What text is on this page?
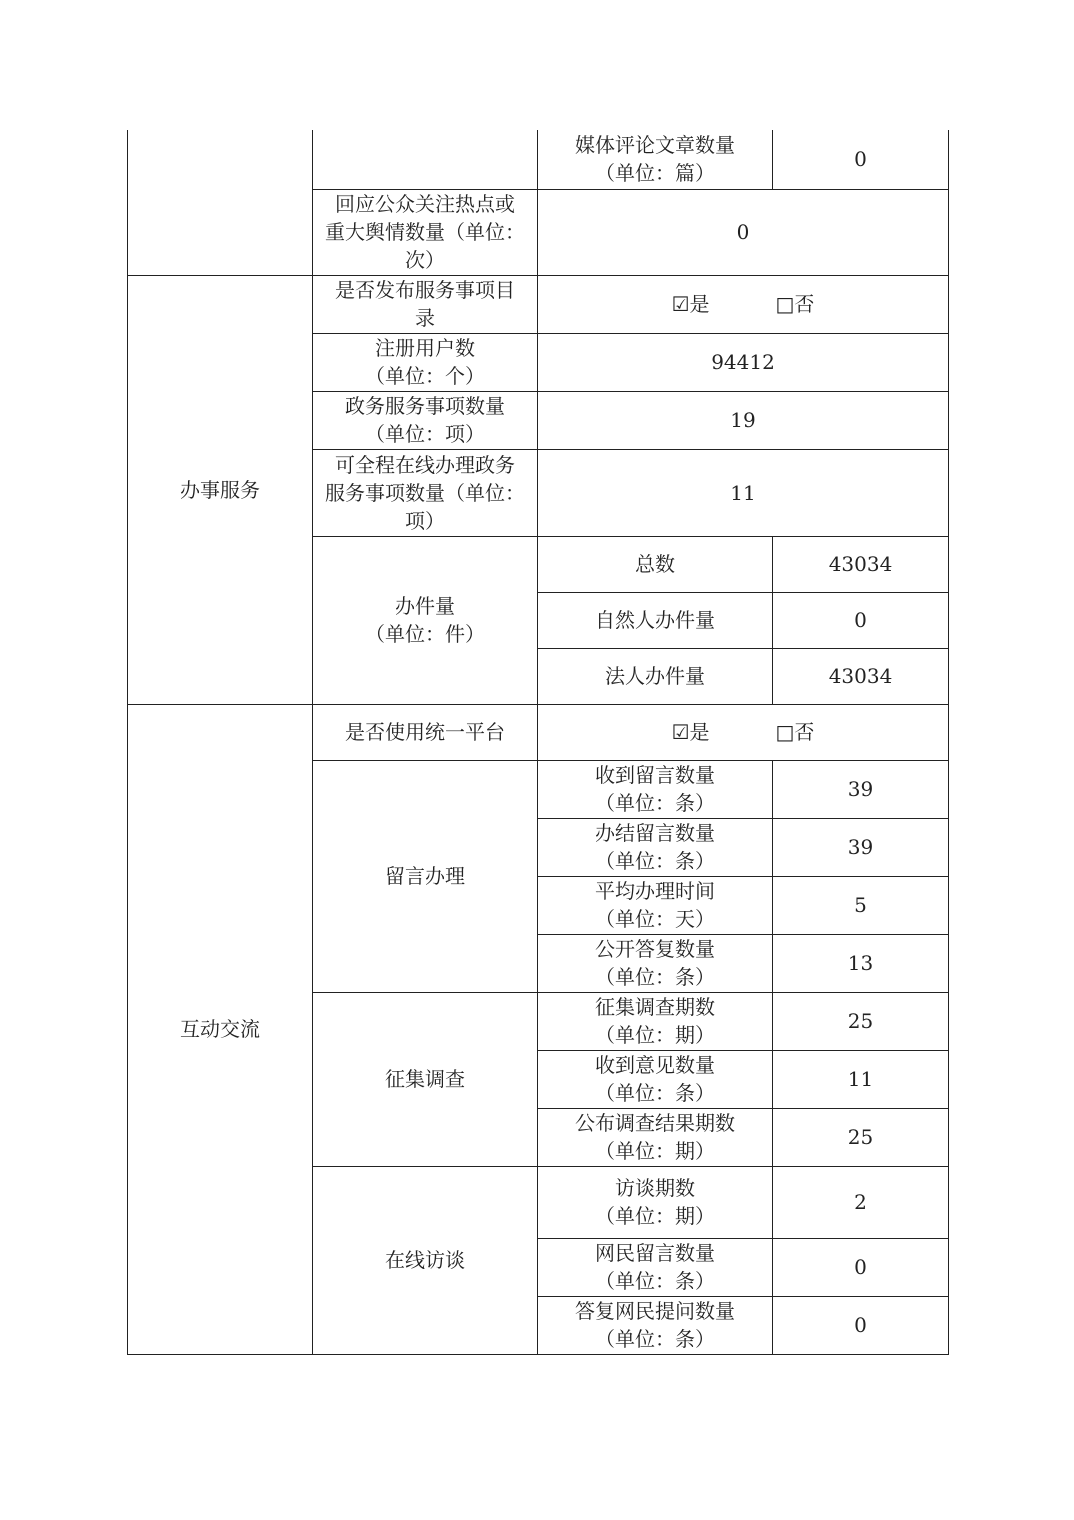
		媒体评论文章数量
（单位：篇）	0

	回应公众关注热点或
重大舆情数量（单位：
次）	0	
办事服务	是否发布服务事项目
录	☑是 □否	

	注册用户数
（单位：个）	94412	

	政务服务事项数量
（单位：项）	19	

	可全程在线办理政务
服务事项数量（单位：
项）	11	

	办件量
（单位：件）	总数	43034
		自然人办件量	0
		法人办件量	43034
互动交流	是否使用统一平台	☑是 □否	
	留言办理	收到留言数量
（单位：条）	39

		办结留言数量
（单位：条）	39

		平均办理时间
（单位：天）	5

		公开答复数量
（单位：条）	13
	征集调查	征集调查期数
（单位：期）	25

		收到意见数量
（单位：条）	11

		公布调查结果期数
（单位：期）	25
	在线访谈	访谈期数
（单位：期）	2

		网民留言数量
（单位：条）	0

		答复网民提问数量
（单位：条）	0
